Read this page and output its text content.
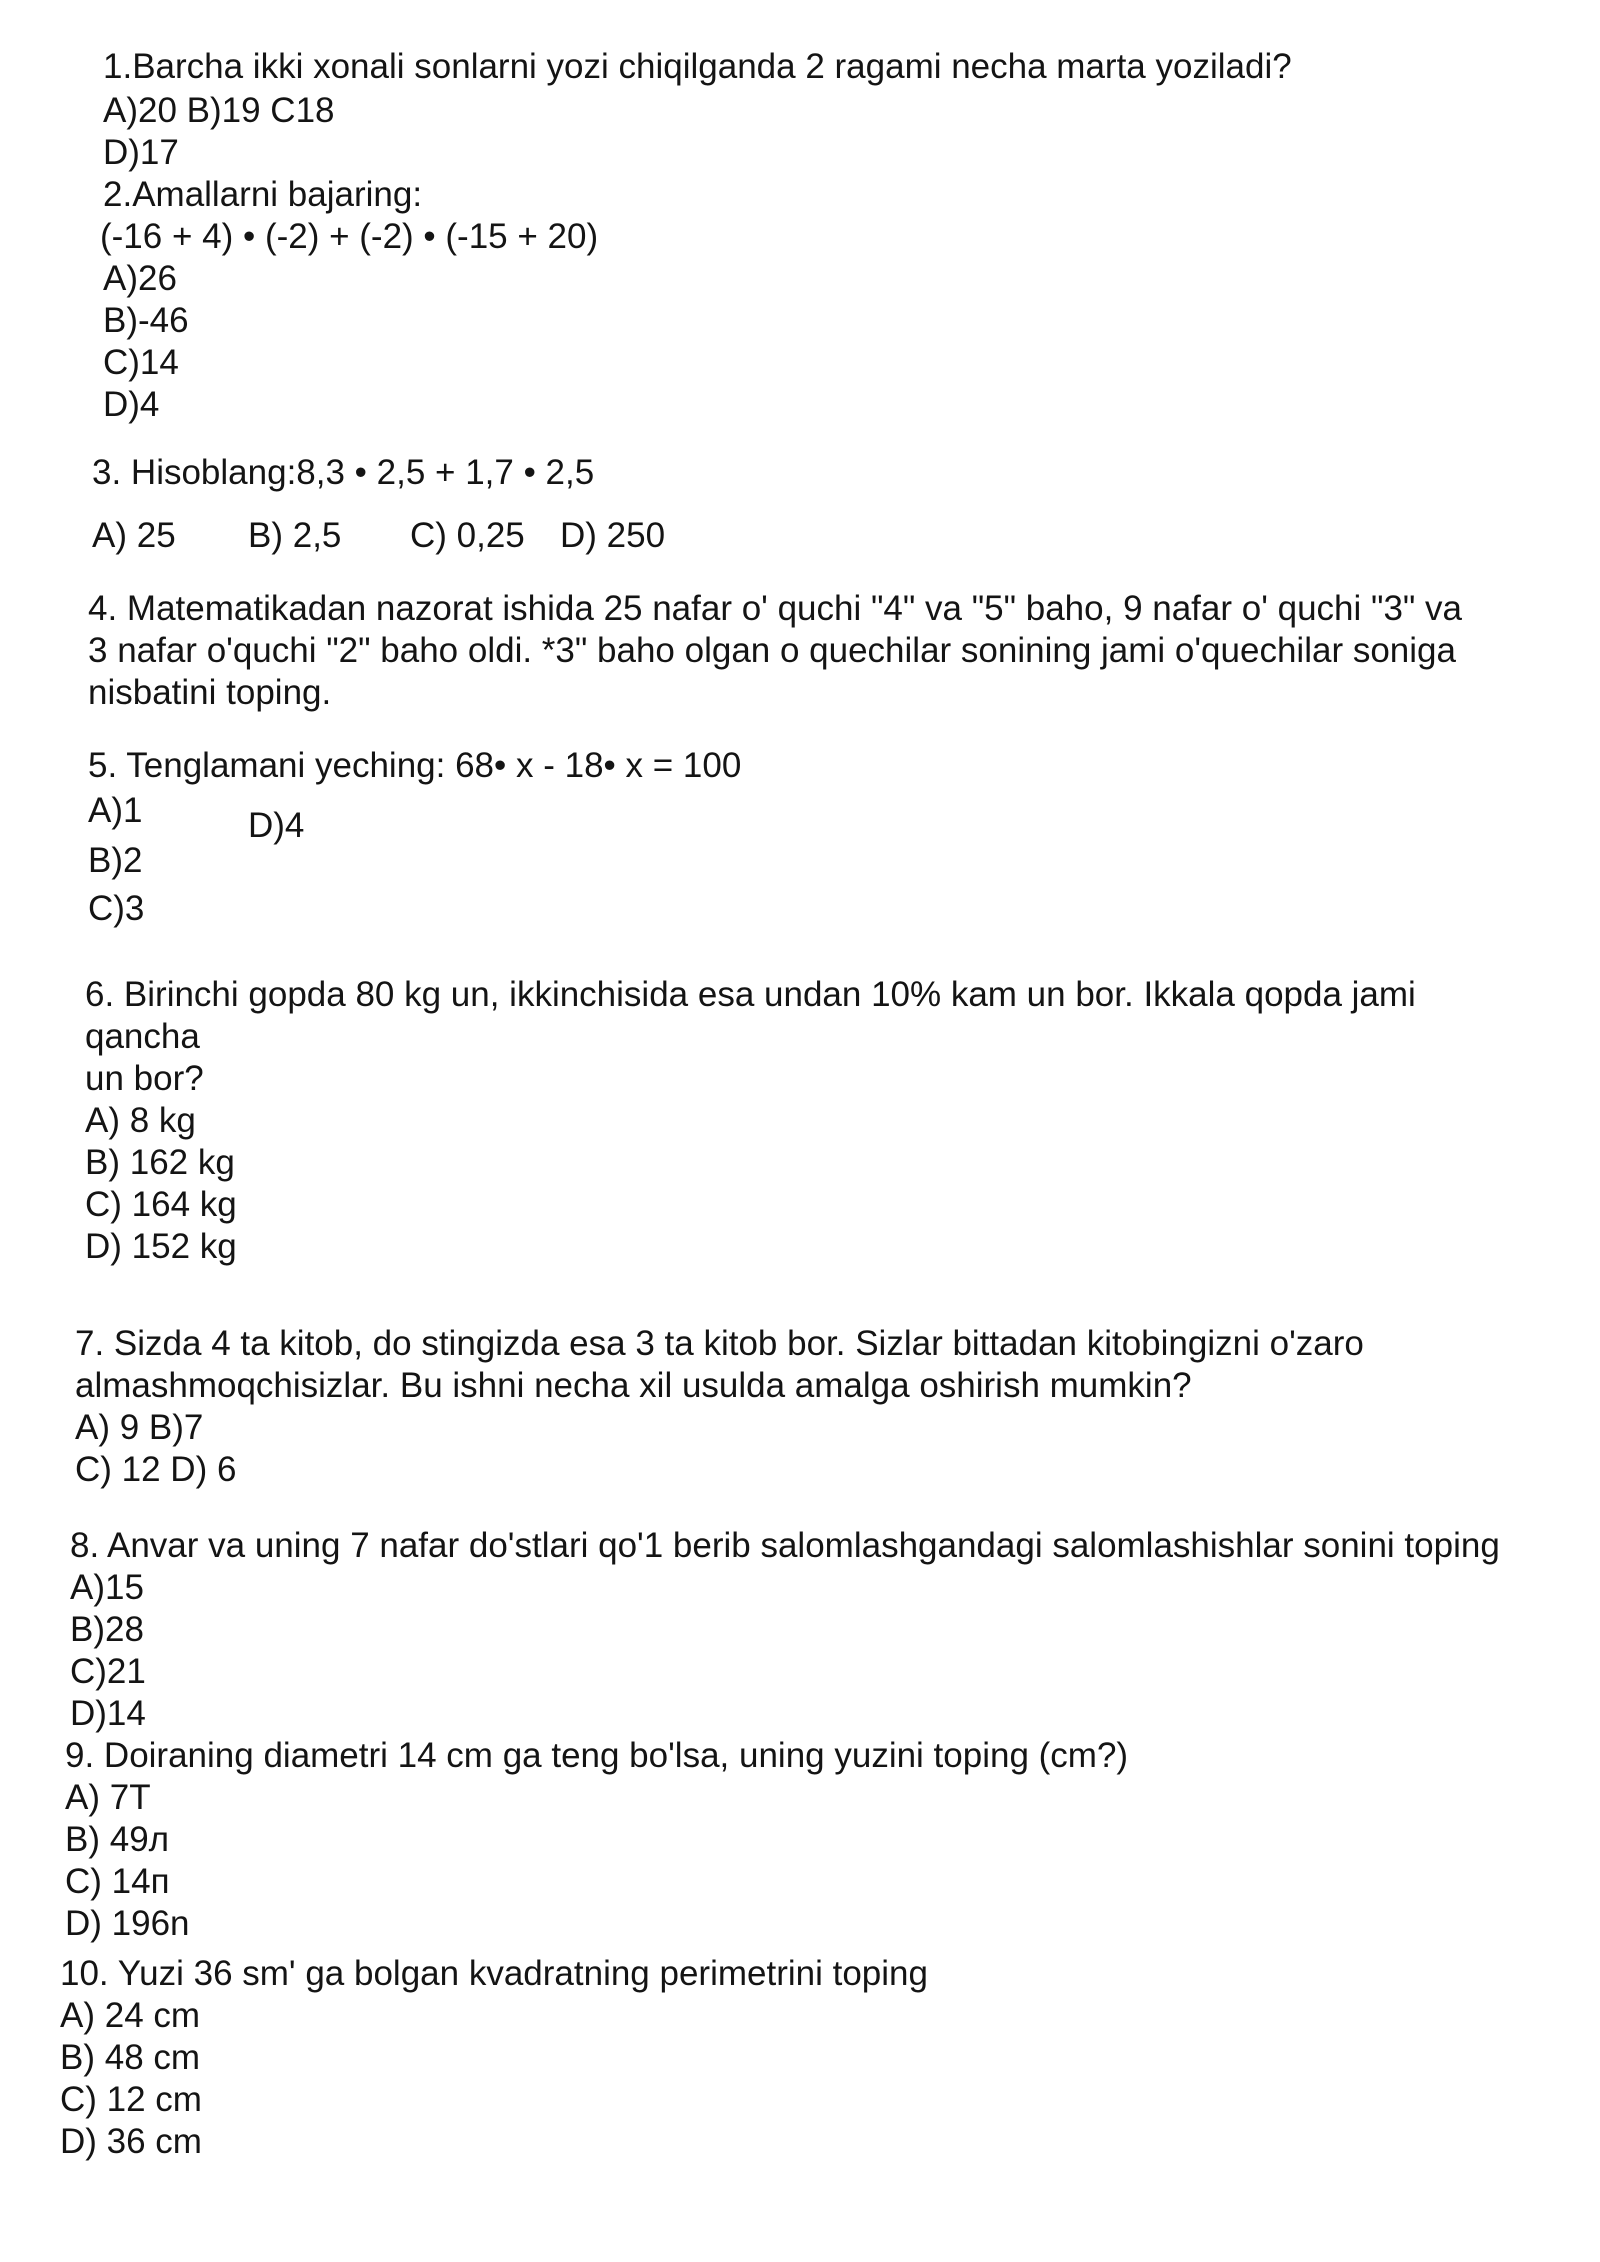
1.Barcha ikki xonali sonlarni yozi chiqilganda 2 ragami necha marta yoziladi?

A)20 B)19 C18

D)17

2.Amallarni bajaring:

(-16 + 4) • (-2) + (-2) • (-15 + 20)

A)26

B)-46

C)14

D)4

3. Hisoblang:8,3 • 2,5 + 1,7 • 2,5

A) 25 B) 2,5 C) 0,25 D) 250

4. Matematikadan nazorat ishida 25 nafar o' quchi "4" va "5" baho, 9 nafar o' quchi "3" va

3 nafar o'quchi "2" baho oldi. *3" baho olgan o quechilar sonining jami o'quechilar soniga

nisbatini toping.

5. Tenglamani yeching: 68• x - 18• x = 100

A)1	D)4

B)2

C)3

6. Birinchi gopda 80 kg un, ikkinchisida esa undan 10% kam un bor. Ikkala qopda jami

qancha

un bor?

A) 8 kg

B) 162 kg

C) 164 kg

D) 152 kg

7. Sizda 4 ta kitob, do stingizda esa 3 ta kitob bor. Sizlar bittadan kitobingizni o'zaro

almashmoqchisizlar. Bu ishni necha xil usulda amalga oshirish mumkin?

A) 9 B)7

C) 12 D) 6

8. Anvar va uning 7 nafar do'stlari qo'1 berib salomlashgandagi salomlashishlar sonini toping

A)15

B)28

C)21

D)14

9. Doiraning diametri 14 cm ga teng bo'lsa, uning yuzini toping (cm?)

A) 7T

B) 49л

C) 14п

D) 196n

10. Yuzi 36 sm' ga bolgan kvadratning perimetrini toping

A) 24 cm

B) 48 cm

C) 12 cm

D) 36 cm
